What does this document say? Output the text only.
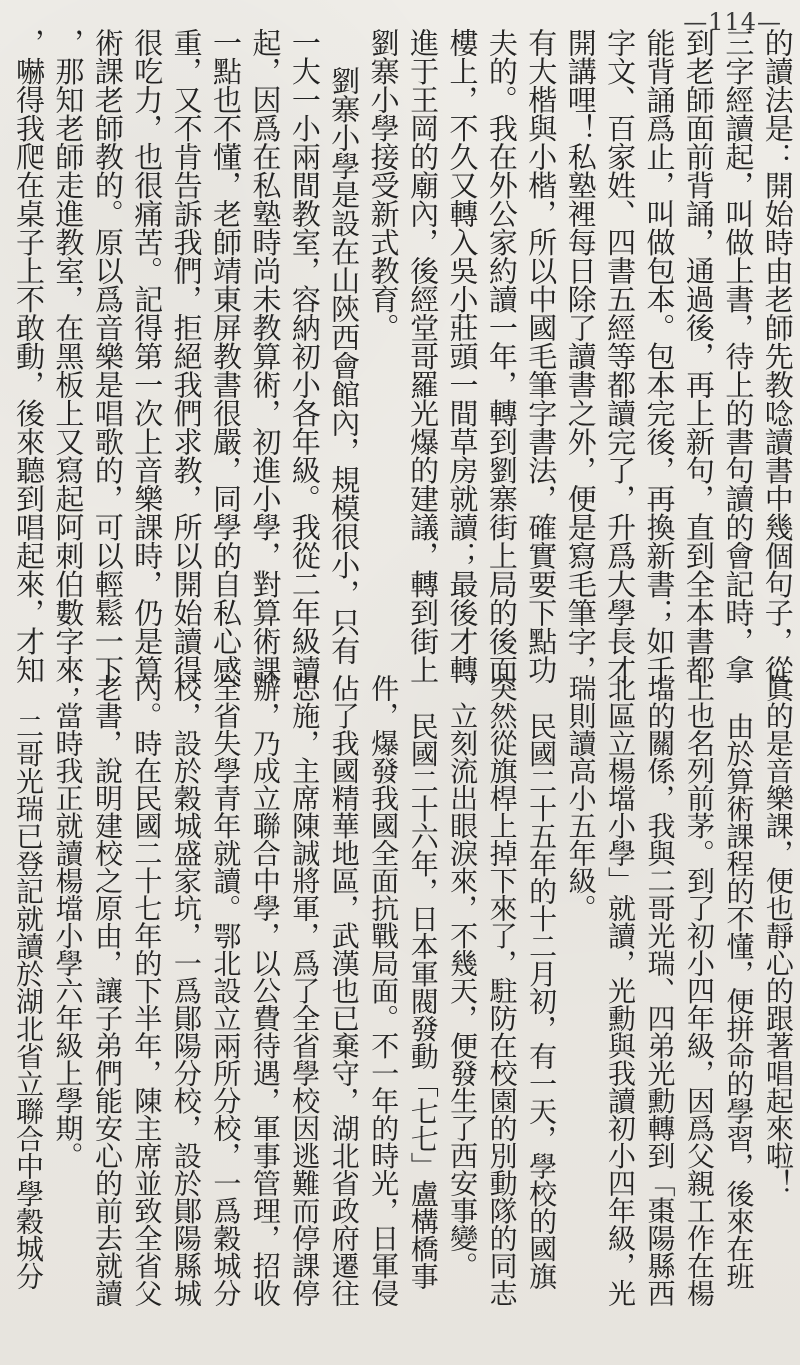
—114—
的讀法是：開始時由老師先教唸讀書中幾個句子，從
三字經讀起，叫做上書，待上的書句讀的會記時，拿
到老師面前背誦，通過後，再上新句，直到全本書都
能背誦爲止，叫做包本。包本完後，再換新書；如千
字文、百家姓、四書五經等都讀完了，升爲大學長才
開講哩！私塾裡每日除了讀書之外，便是寫毛筆字，
有大楷與小楷，所以中國毛筆字書法，確實要下點功
夫的。我在外公家約讀一年，轉到劉寨街上局的後面
樓上，不久又轉入吳小莊頭一間草房就讀；最後才轉
進于王岡的廟內，後經堂哥羅光爆的建議，轉到街上
劉寨小學接受新式教育。
劉寨小學是設在山陝西會館內，規模很小，只有
一大一小兩間教室，容納初小各年級。我從二年級讀
起，因爲在私塾時尚未教算術，初進小學，對算術課
一點也不懂，老師靖東屏教書很嚴，同學的自私心感
重，又不肯告訴我們，拒絕我們求教，所以開始讀得
很吃力，也很痛苦。記得第一次上音樂課時，仍是算
術課老師教的。原以爲音樂是唱歌的，可以輕鬆一下
，那知老師走進教室，在黑板上又寫起阿刺伯數字來
，嚇得我爬在桌子上不敢動，後來聽到唱起來，才知
眞的是音樂課，便也靜心的跟著唱起來啦！
由於算術課程的不懂，便拼命的學習，後來在班
上也名列前茅。到了初小四年級，因爲父親工作在楊
壋的關係，我與二哥光瑞、四弟光勳轉到「棗陽縣西
北區立楊壋小學」就讀，光勳與我讀初小四年級，光
瑞則讀高小五年級。
民國二十五年的十二月初，有一天，學校的國旗
突然從旗桿上掉下來了，駐防在校園的別動隊的同志
，立刻流出眼淚來，不幾天，便發生了西安事變。
民國二十六年，日本軍閥發動「七七」盧構橋事
件，爆發我國全面抗戰局面。不一年的時光，日軍侵
佔了我國精華地區，武漢也已棄守，湖北省政府遷往
思施，主席陳誠將軍，爲了全省學校因逃難而停課停
辦，乃成立聯合中學，以公費待遇，軍事管理，招收
全省失學青年就讀。鄂北設立兩所分校，一爲穀城分
校，設於穀城盛家坑，一爲鄖陽分校，設於鄖陽縣城
內。時在民國二十七年的下半年，陳主席並致全省父
老書，說明建校之原由，讓子弟們能安心的前去就讀
；當時我正就讀楊壋小學六年級上學期。
二哥光瑞已登記就讀於湖北省立聯合中學穀城分
